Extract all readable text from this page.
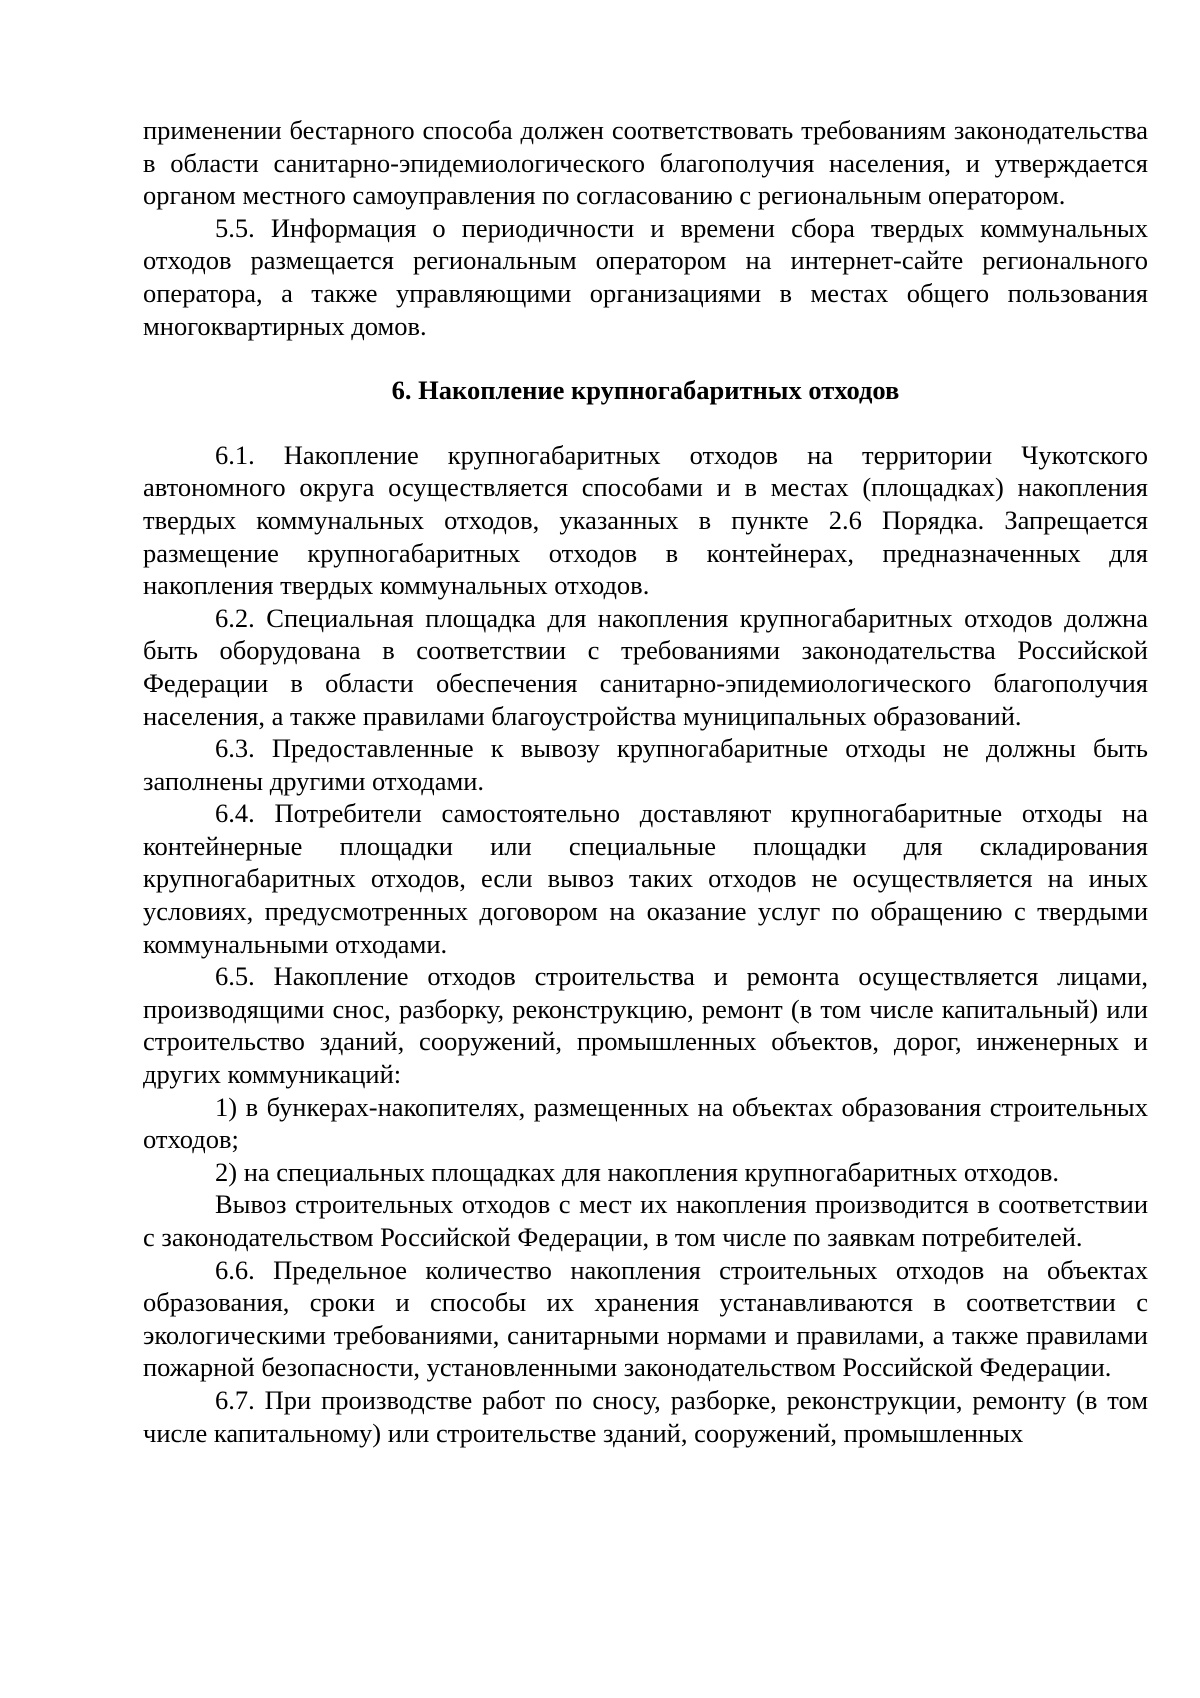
применении бестарного способа должен соответствовать требованиям законодательства в области санитарно-эпидемиологического благополучия населения, и утверждается органом местного самоуправления по согласованию с региональным оператором.

5.5. Информация о периодичности и времени сбора твердых коммунальных отходов размещается региональным оператором на интернет-сайте регионального оператора, а также управляющими организациями в местах общего пользования многоквартирных домов.

6. Накопление крупногабаритных отходов

6.1. Накопление крупногабаритных отходов на территории Чукотского автономного округа осуществляется способами и в местах (площадках) накопления твердых коммунальных отходов, указанных в пункте 2.6 Порядка. Запрещается размещение крупногабаритных отходов в контейнерах, предназначенных для накопления твердых коммунальных отходов.

6.2. Специальная площадка для накопления крупногабаритных отходов должна быть оборудована в соответствии с требованиями законодательства Российской Федерации в области обеспечения санитарно-эпидемиологического благополучия населения, а также правилами благоустройства муниципальных образований.

6.3. Предоставленные к вывозу крупногабаритные отходы не должны быть заполнены другими отходами.

6.4. Потребители самостоятельно доставляют крупногабаритные отходы на контейнерные площадки или специальные площадки для складирования крупногабаритных отходов, если вывоз таких отходов не осуществляется на иных условиях, предусмотренных договором на оказание услуг по обращению с твердыми коммунальными отходами.

6.5. Накопление отходов строительства и ремонта осуществляется лицами, производящими снос, разборку, реконструкцию, ремонт (в том числе капитальный) или строительство зданий, сооружений, промышленных объектов, дорог, инженерных и других коммуникаций:

1) в бункерах-накопителях, размещенных на объектах образования строительных отходов;

2) на специальных площадках для накопления крупногабаритных отходов.

Вывоз строительных отходов с мест их накопления производится в соответствии с законодательством Российской Федерации, в том числе по заявкам потребителей.

6.6. Предельное количество накопления строительных отходов на объектах образования, сроки и способы их хранения устанавливаются в соответствии с экологическими требованиями, санитарными нормами и правилами, а также правилами пожарной безопасности, установленными законодательством Российской Федерации.

6.7. При производстве работ по сносу, разборке, реконструкции, ремонту (в том числе капитальному) или строительстве зданий, сооружений, промышленных
